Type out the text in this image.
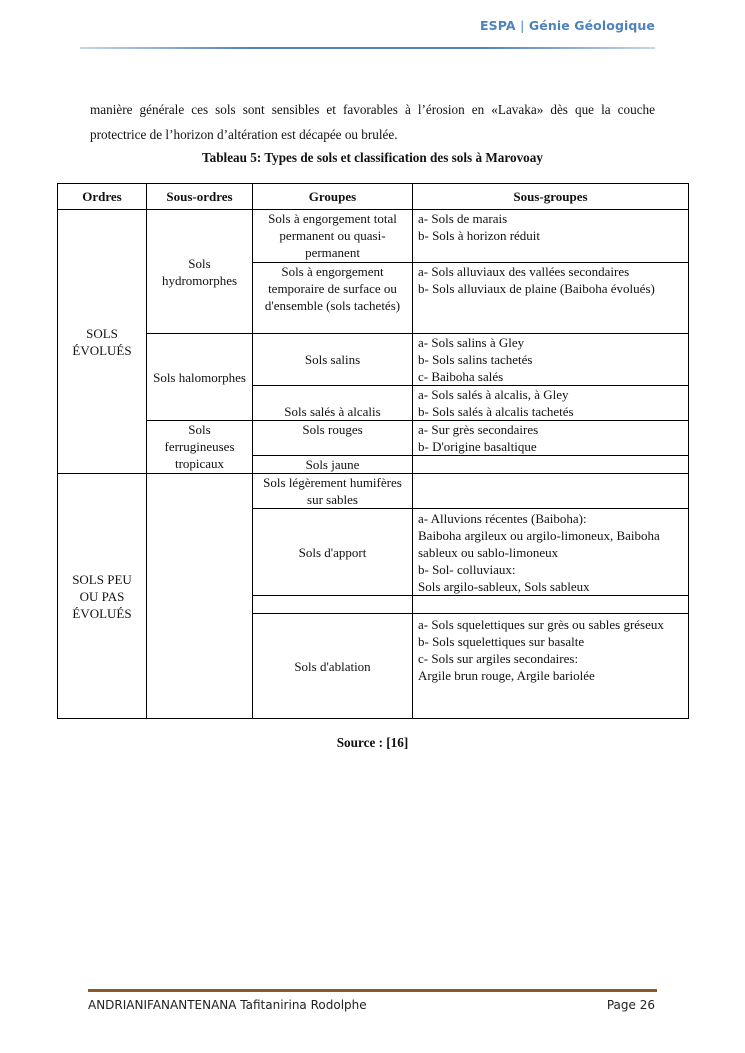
ESPA | Génie Géologique
manière générale ces sols sont sensibles et favorables à l’érosion en «Lavaka» dès que la couche protectrice de l’horizon d’altération est décapée ou brulée.
Tableau 5: Types de sols et classification des sols à Marovoay
Ordres	Sous-ordres	Groupes	Sous-groupes
SOLS ÉVOLUÉS	Sols hydromorphes	Sols à engorgement total permanent ou quasi-permanent	a- Sols de marais
b- Sols à horizon réduit

		Sols à engorgement temporaire de surface ou d'ensemble (sols tachetés)	a- Sols alluviaux des vallées secondaires
b- Sols alluviaux de plaine (Baiboha évolués)

	Sols halomorphes	Sols salins	a- Sols salins à Gley
b- Sols salins tachetés
c- Baiboha salés

		Sols salés à alcalis	a- Sols salés à alcalis, à Gley
b- Sols salés à alcalis tachetés

	Sols ferrugineuses tropicaux	Sols rouges	a- Sur grès secondaires
b- D'origine basaltique

		Sols jaune	
SOLS PEU OU PAS ÉVOLUÉS		Sols légèrement humifères sur sables	
		Sols d'apport	a- Alluvions récentes (Baiboha):
Baiboha argileux ou argilo-limoneux, Baiboha sableux ou sablo-limoneux
b- Sol- colluviaux:
Sols argilo-sableux, Sols sableux

		Sols d'ablation	a- Sols squelettiques sur grès ou sables gréseux
b- Sols squelettiques sur basalte
c- Sols sur argiles secondaires:
Argile brun rouge, Argile bariolée
Source : [16]
ANDRIANIFANANTENANA Tafitanirina Rodolphe	Page 26
